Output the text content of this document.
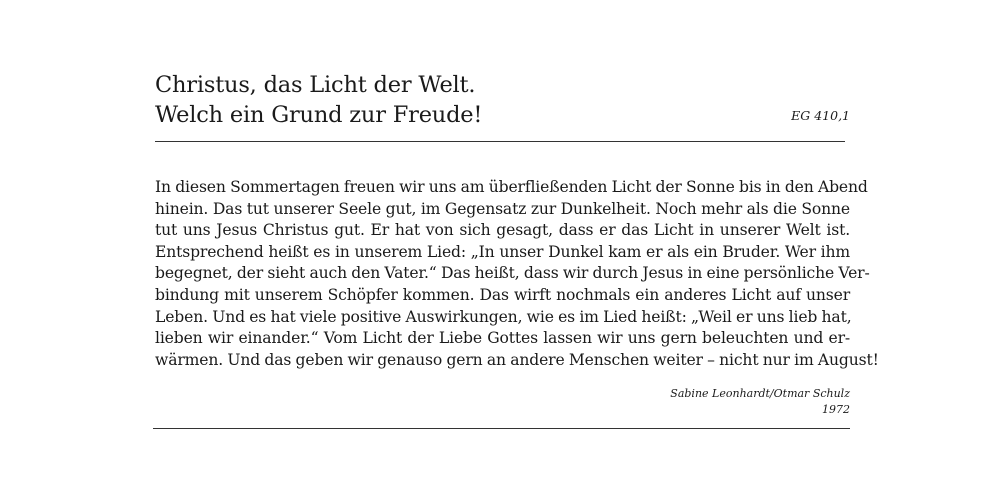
Christus, das Licht der Welt.
Welch ein Grund zur Freude!	EG 410,1
In diesen Sommertagen freuen wir uns am überfließenden Licht der Sonne bis in den Abend
hinein. Das tut unserer Seele gut, im Gegensatz zur Dunkelheit. Noch mehr als die Sonne
tut uns Jesus Christus gut. Er hat von sich gesagt, dass er das Licht in unserer Welt ist.
Entsprechend heißt es in unserem Lied: „In unser Dunkel kam er als ein Bruder. Wer ihm
begegnet, der sieht auch den Vater.“ Das heißt, dass wir durch Jesus in eine persönliche Ver-
bindung mit unserem Schöpfer kommen. Das wirft nochmals ein anderes Licht auf unser
Leben. Und es hat viele positive Auswirkungen, wie es im Lied heißt: „Weil er uns lieb hat,
lieben wir einander.“ Vom Licht der Liebe Gottes lassen wir uns gern beleuchten und er-
wärmen. Und das geben wir genauso gern an andere Menschen weiter – nicht nur im August!
Sabine Leonhardt/Otmar Schulz
1972
